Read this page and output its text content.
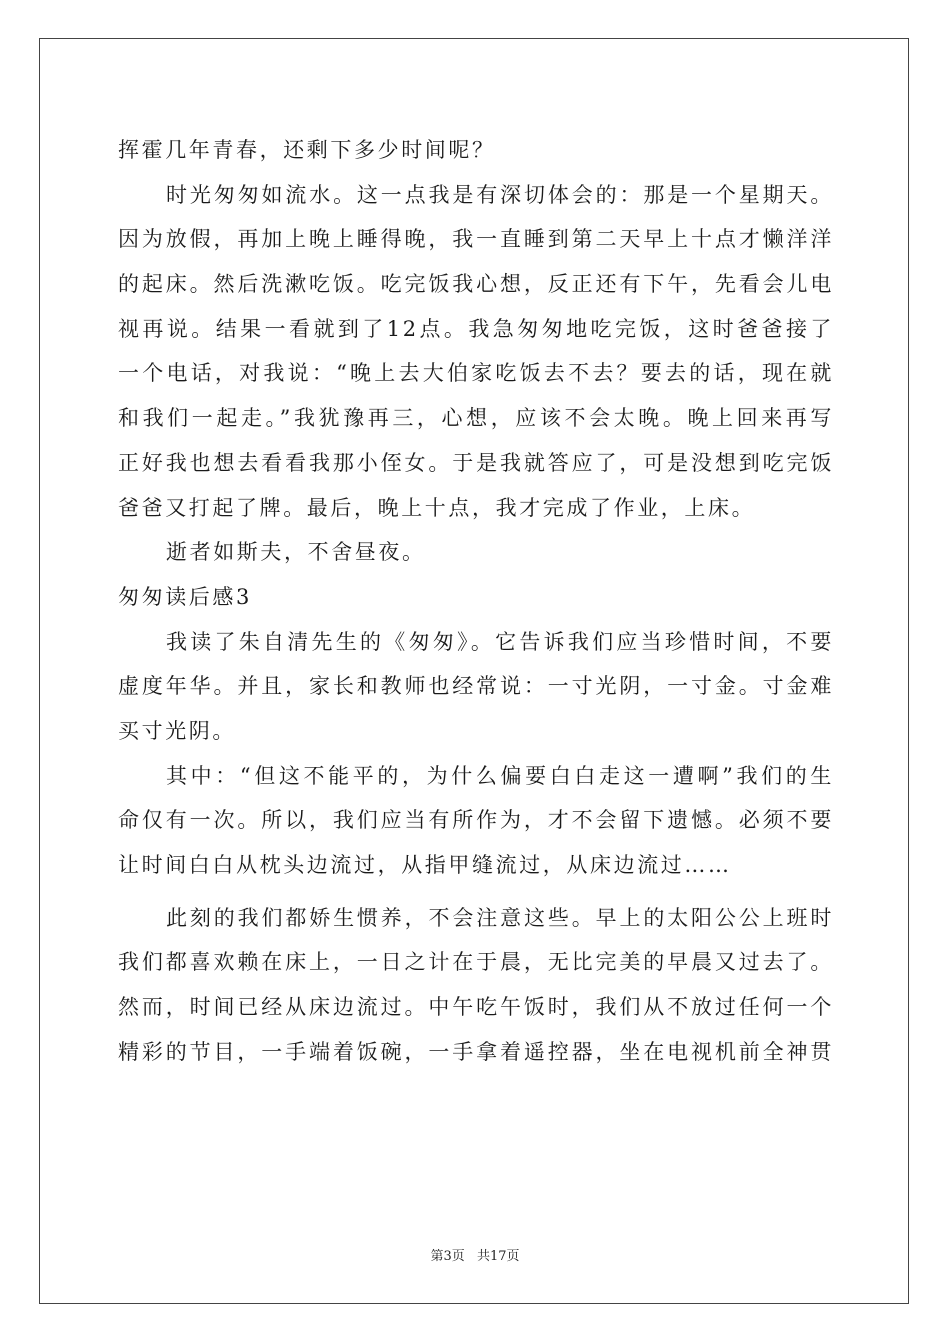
挥霍几年青春，还剩下多少时间呢？
时光匆匆如流水。这一点我是有深切体会的：那是一个星期天。
因为放假，再加上晚上睡得晚，我一直睡到第二天早上十点才懒洋洋
的起床。然后洗漱吃饭。吃完饭我心想，反正还有下午，先看会儿电
视再说。结果一看就到了12点。我急匆匆地吃完饭，这时爸爸接了
一个电话，对我说：“晚上去大伯家吃饭去不去？要去的话，现在就
和我们一起走。”我犹豫再三，心想，应该不会太晚。晚上回来再写
正好我也想去看看我那小侄女。于是我就答应了，可是没想到吃完饭
爸爸又打起了牌。最后，晚上十点，我才完成了作业，上床。
逝者如斯夫，不舍昼夜。
匆匆读后感3
我读了朱自清先生的《匆匆》。它告诉我们应当珍惜时间，不要
虚度年华。并且，家长和教师也经常说：一寸光阴，一寸金。寸金难
买寸光阴。
其中：“但这不能平的，为什么偏要白白走这一遭啊”我们的生
命仅有一次。所以，我们应当有所作为，才不会留下遗憾。必须不要
让时间白白从枕头边流过，从指甲缝流过，从床边流过……
此刻的我们都娇生惯养，不会注意这些。早上的太阳公公上班时
我们都喜欢赖在床上，一日之计在于晨，无比完美的早晨又过去了。
然而，时间已经从床边流过。中午吃午饭时，我们从不放过任何一个
精彩的节目，一手端着饭碗，一手拿着遥控器，坐在电视机前全神贯
第3页 共17页
